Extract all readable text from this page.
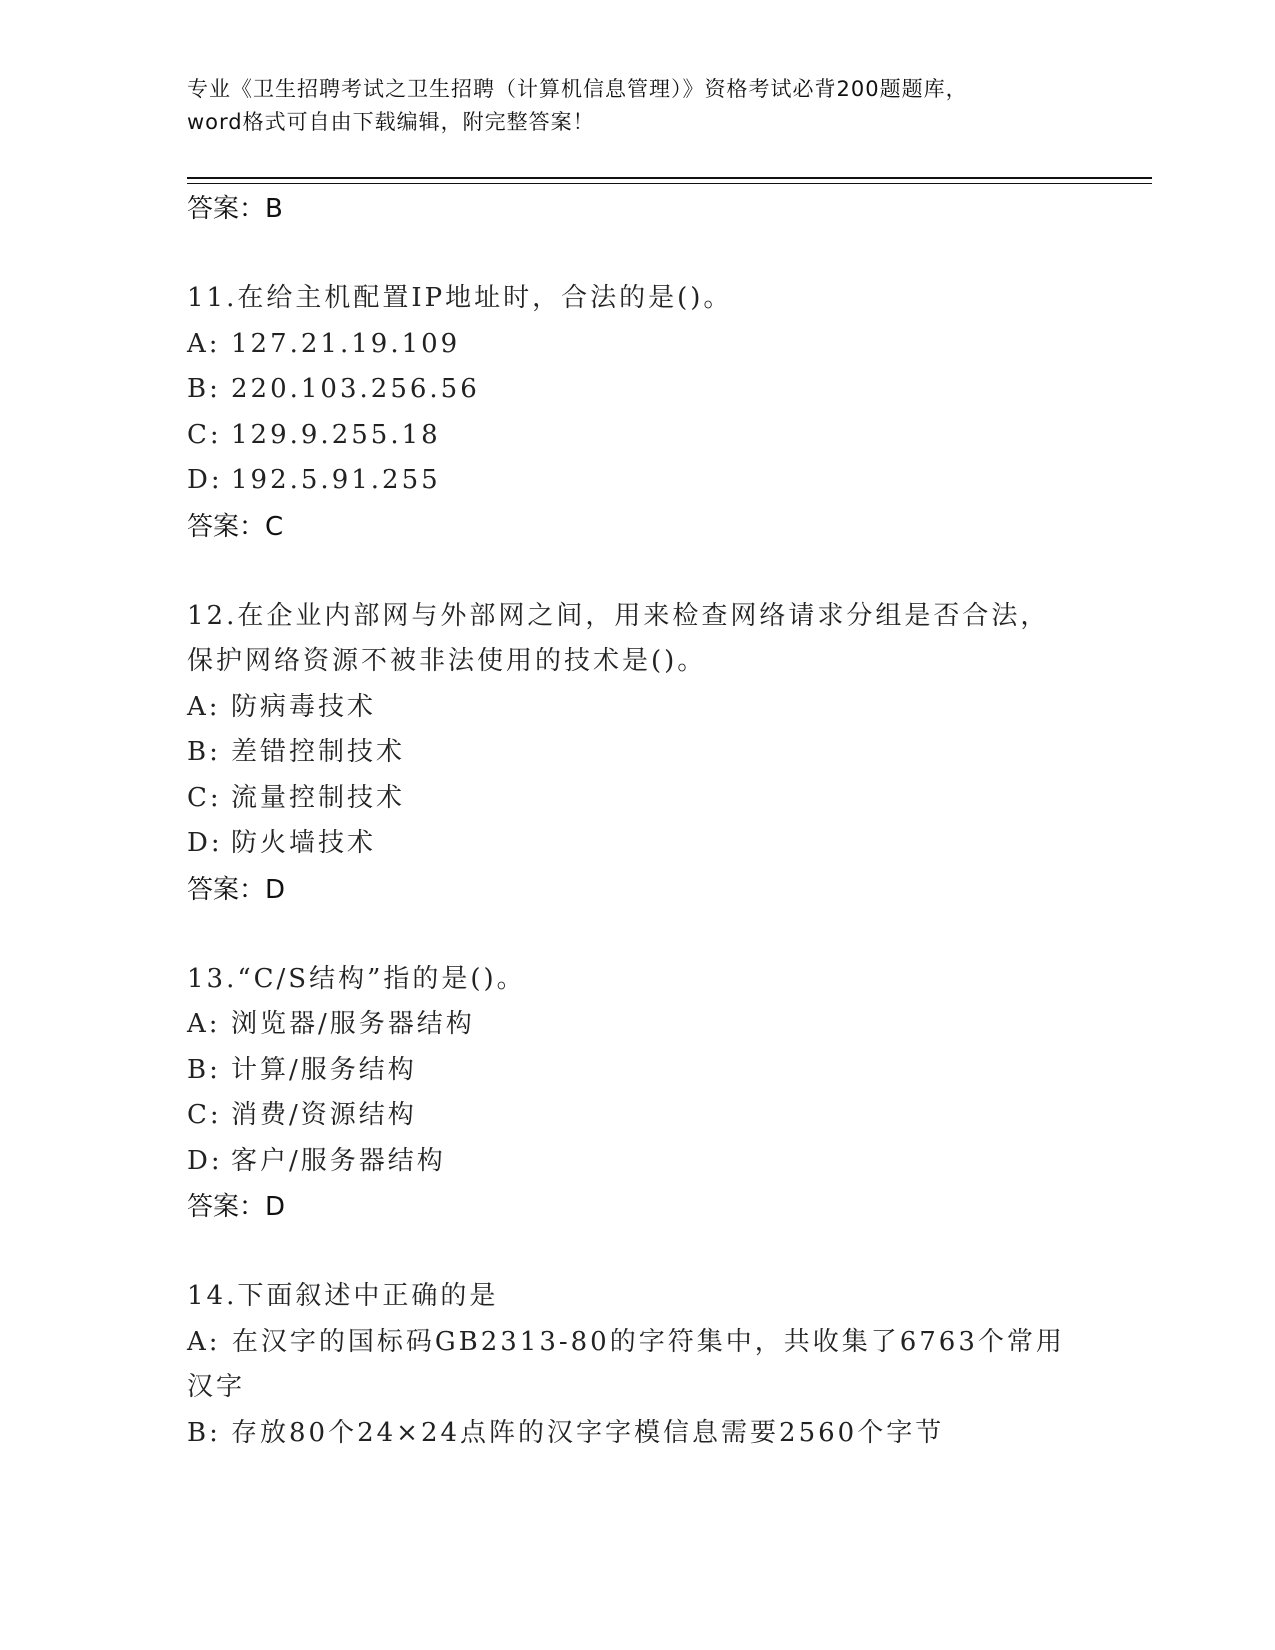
专业《卫生招聘考试之卫生招聘（计算机信息管理）》资格考试必背200题题库，
word格式可自由下载编辑，附完整答案！
答案：B
11.在给主机配置IP地址时，合法的是()。
A: 127.21.19.109
B: 220.103.256.56
C: 129.9.255.18
D: 192.5.91.255
答案：C
12.在企业内部网与外部网之间，用来检查网络请求分组是否合法，保护网络资源不被非法使用的技术是()。
A: 防病毒技术
B: 差错控制技术
C: 流量控制技术
D: 防火墙技术
答案：D
13.“C/S结构”指的是()。
A: 浏览器/服务器结构
B: 计算/服务结构
C: 消费/资源结构
D: 客户/服务器结构
答案：D
14.下面叙述中正确的是
A: 在汉字的国标码GB2313-80的字符集中，共收集了6763个常用汉字
B: 存放80个24×24点阵的汉字字模信息需要2560个字节
